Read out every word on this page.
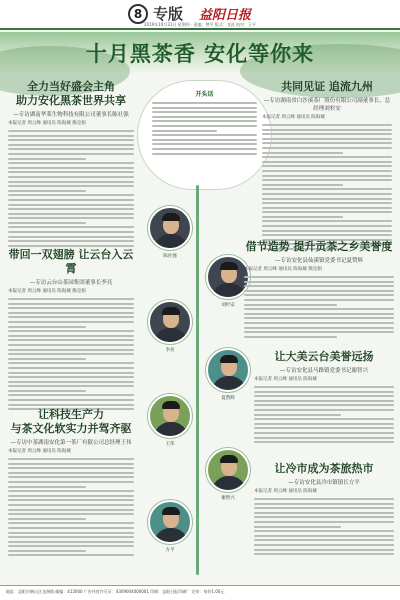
8 专版 益阳日报
2019年10月31日 星期四 · 责编：曾平 版式：龙再 校对：王平
十月黑茶香 安化等你来
全力当好盛会主角
助力安化黑茶世界共享
—专访湖南华莱生物科技有限公司董事长陈社强
本报记者 周云峰 通讯员 陈海城 熊克娟
带回一双翅膀 让云台入云霄
—专访云台山茶园集团董事长李亮
本报记者 周云峰 通讯员 陈海城 熊克娟
让科技生产力
与茶文化软实力并驾齐驱
—专访中茶湖南安化第一茶厂有限公司总经理王伟
本报记者 周云峰 通讯员 陈海城
开头话
陈社强
刘杉安
李亮
夏赞辉
王伟
谢智兴
方平
共同见证 追流九州
—专访湖南省白沙溪茶厂股份有限公司副董事长、总经理刘杉安
本报记者 周云峰 通讯员 陈海城
借节造势 提升贡茶之乡美誉度
—专访安化县仙溪镇党委书记夏赞辉
本报记者 周云峰 通讯员 陈海城 熊克娟
让大美云台美誉远扬
—专访安化县马路镇党委书记谢智兴
本报记者 周云峰 通讯员 陈海城
让冷市成为茶旅热市
—专访安化县冷市镇镇长方平
本报记者 周云峰 通讯员 陈海城
地址：益阳市赫山区龙洲路 邮编：413000 广告经营许可证：4309004000001 印刷：益阳日报印刷厂 定价：每份1.00元
